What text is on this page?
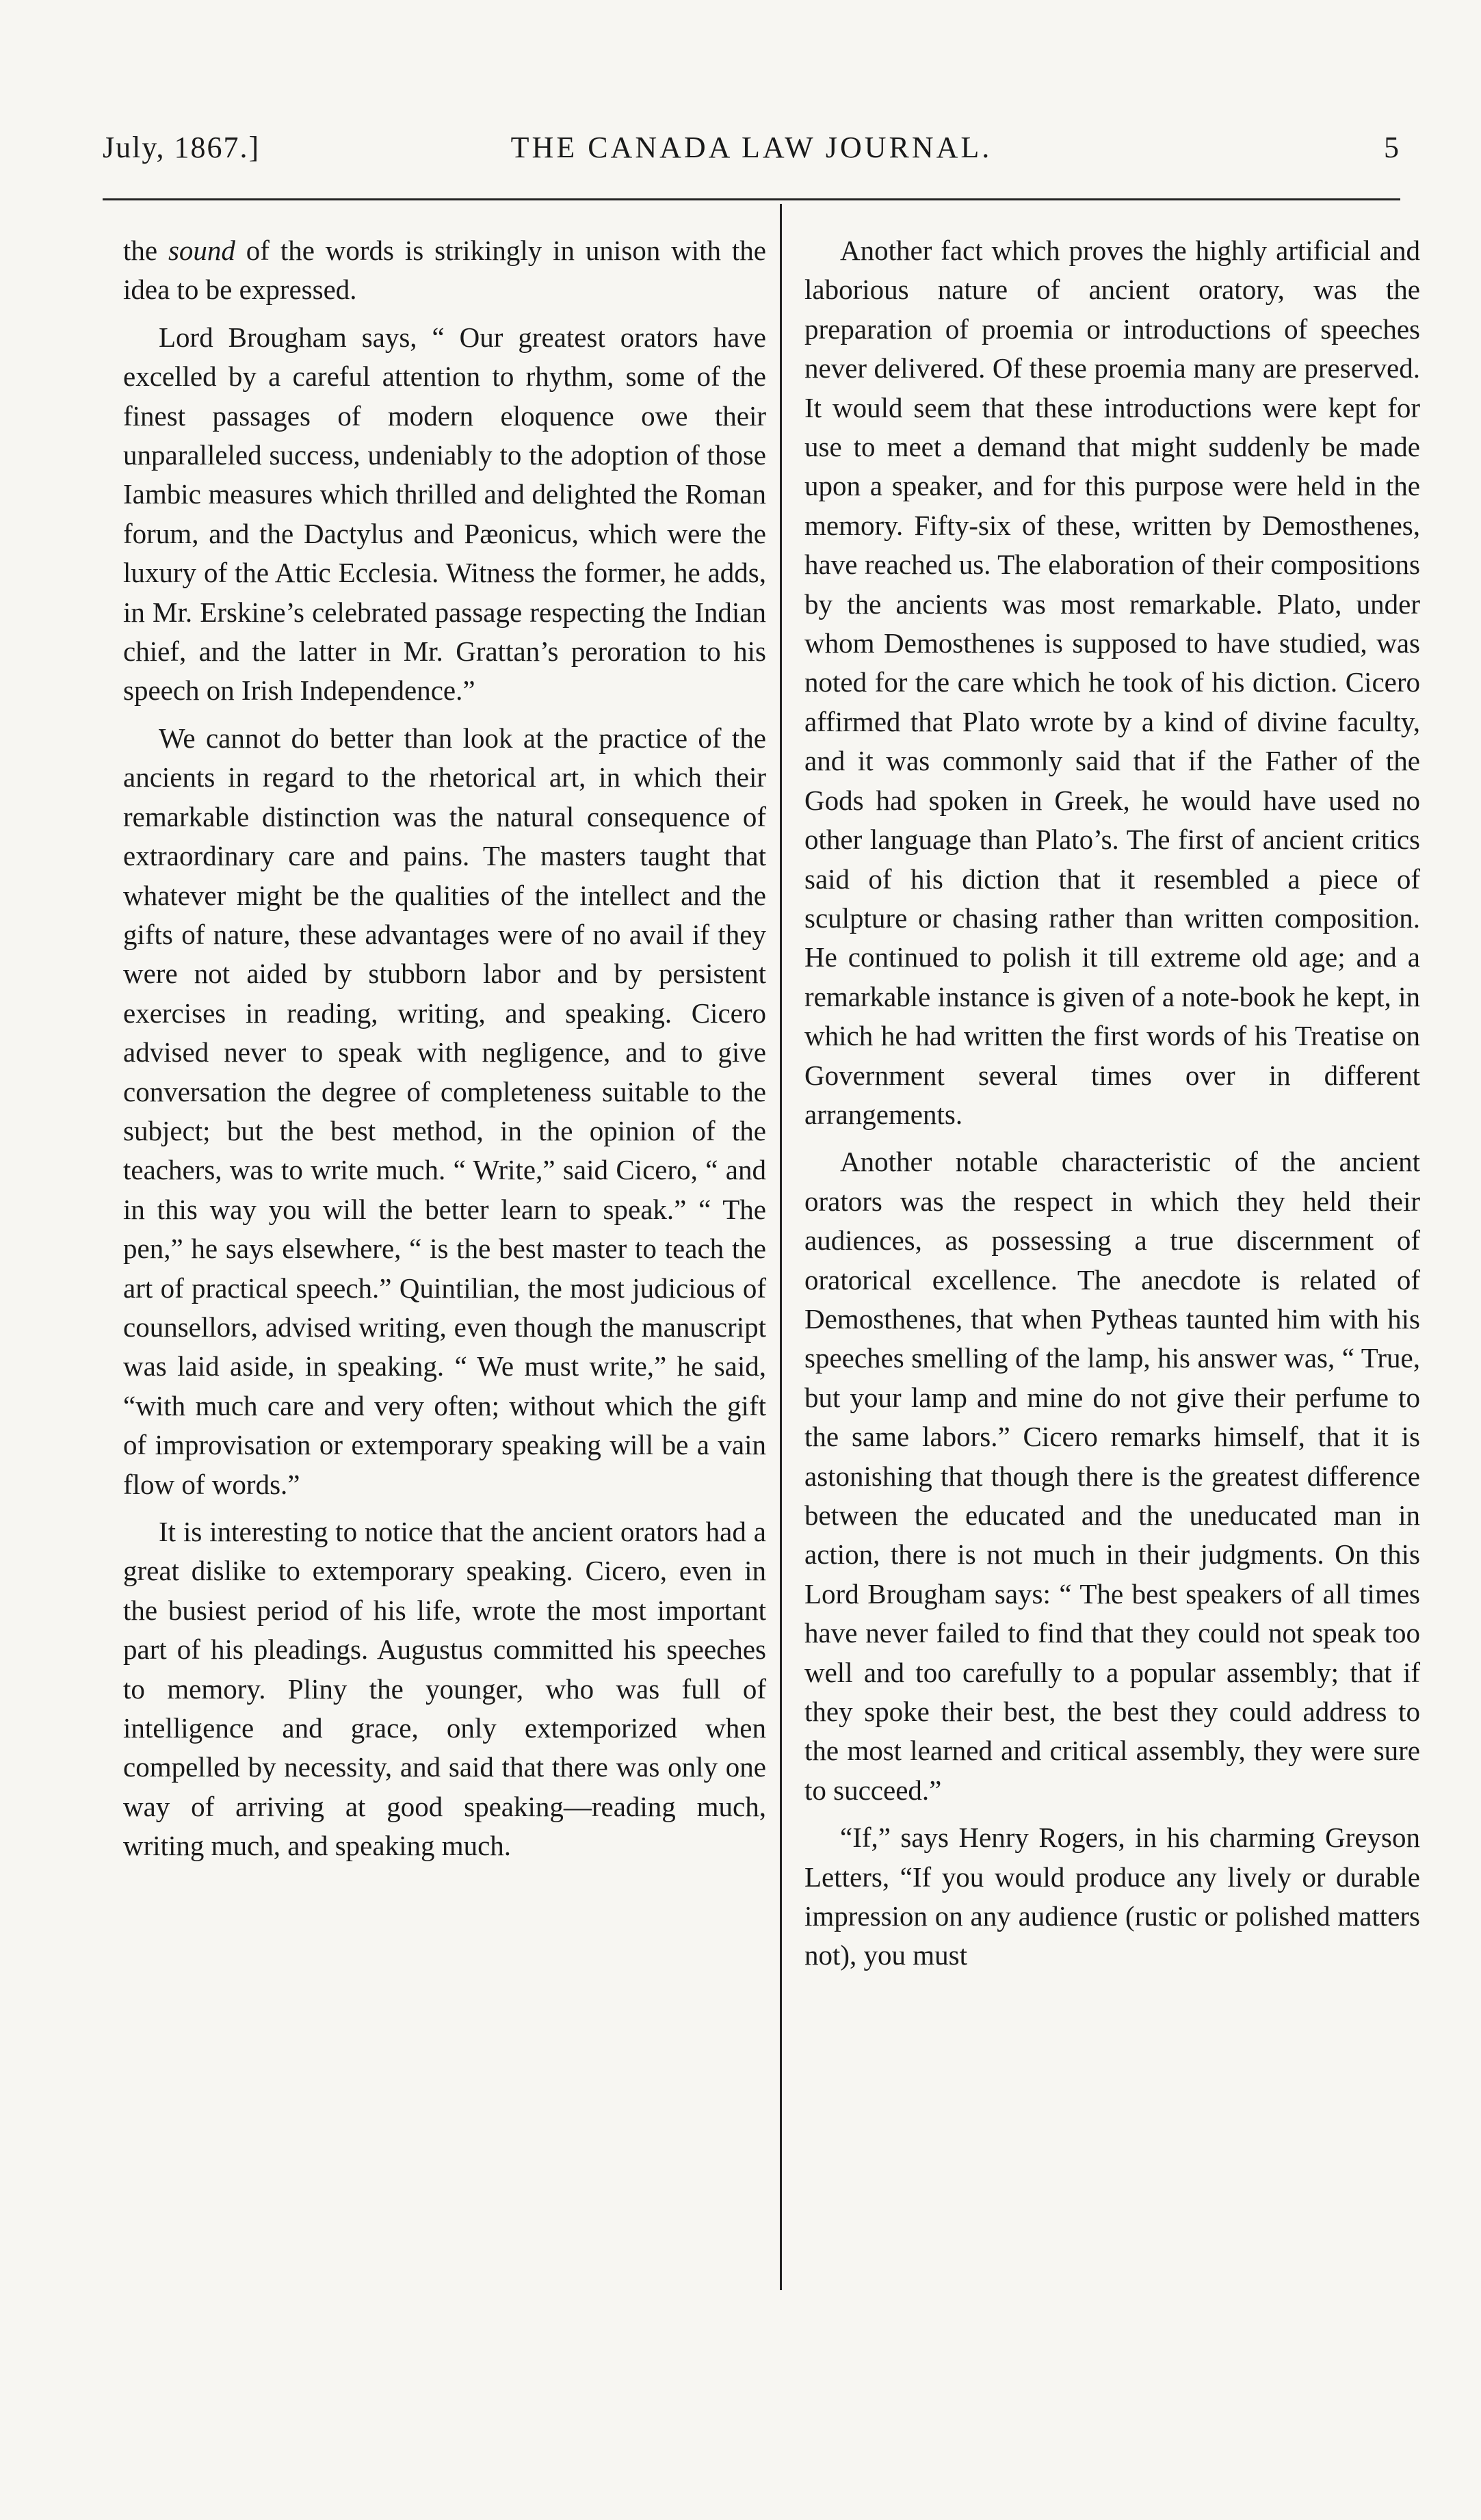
July, 1867.]	THE CANADA LAW JOURNAL.	5

the sound of the words is strikingly in unison with the idea to be expressed.

Lord Brougham says, “ Our greatest orators have excelled by a careful attention to rhythm, some of the finest passages of modern eloquence owe their unparalleled success, undeniably to the adoption of those Iambic measures which thrilled and delighted the Roman forum, and the Dactylus and Pæonicus, which were the luxury of the Attic Ecclesia. Witness the former, he adds, in Mr. Erskine’s celebrated passage respecting the Indian chief, and the latter in Mr. Grattan’s peroration to his speech on Irish Independence.”

We cannot do better than look at the practice of the ancients in regard to the rhetorical art, in which their remarkable distinction was the natural consequence of extraordinary care and pains. The masters taught that whatever might be the qualities of the intellect and the gifts of nature, these advantages were of no avail if they were not aided by stubborn labor and by persistent exercises in reading, writing, and speaking. Cicero advised never to speak with negligence, and to give conversation the degree of completeness suitable to the subject; but the best method, in the opinion of the teachers, was to write much. “ Write,” said Cicero, “ and in this way you will the better learn to speak.” “ The pen,” he says elsewhere, “ is the best master to teach the art of practical speech.” Quintilian, the most judicious of counsellors, advised writing, even though the manuscript was laid aside, in speaking. “ We must write,” he said, “with much care and very often; without which the gift of improvisation or extemporary speaking will be a vain flow of words.”

It is interesting to notice that the ancient orators had a great dislike to extemporary speaking. Cicero, even in the busiest period of his life, wrote the most important part of his pleadings. Augustus committed his speeches to memory. Pliny the younger, who was full of intelligence and grace, only extemporized when compelled by necessity, and said that there was only one way of arriving at good speaking—reading much, writing much, and speaking much.

Another fact which proves the highly artificial and laborious nature of ancient oratory, was the preparation of proemia or introductions of speeches never delivered. Of these proemia many are preserved. It would seem that these introductions were kept for use to meet a demand that might suddenly be made upon a speaker, and for this purpose were held in the memory. Fifty-six of these, written by Demosthenes, have reached us. The elaboration of their compositions by the ancients was most remarkable. Plato, under whom Demosthenes is supposed to have studied, was noted for the care which he took of his diction. Cicero affirmed that Plato wrote by a kind of divine faculty, and it was commonly said that if the Father of the Gods had spoken in Greek, he would have used no other language than Plato’s. The first of ancient critics said of his diction that it resembled a piece of sculpture or chasing rather than written composition. He continued to polish it till extreme old age; and a remarkable instance is given of a note-book he kept, in which he had written the first words of his Treatise on Government several times over in different arrangements.

Another notable characteristic of the ancient orators was the respect in which they held their audiences, as possessing a true discernment of oratorical excellence. The anecdote is related of Demosthenes, that when Pytheas taunted him with his speeches smelling of the lamp, his answer was, “ True, but your lamp and mine do not give their perfume to the same labors.” Cicero remarks himself, that it is astonishing that though there is the greatest difference between the educated and the uneducated man in action, there is not much in their judgments. On this Lord Brougham says: “ The best speakers of all times have never failed to find that they could not speak too well and too carefully to a popular assembly; that if they spoke their best, the best they could address to the most learned and critical assembly, they were sure to succeed.”

“If,” says Henry Rogers, in his charming Greyson Letters, “If you would produce any lively or durable impression on any audience (rustic or polished matters not), you must
